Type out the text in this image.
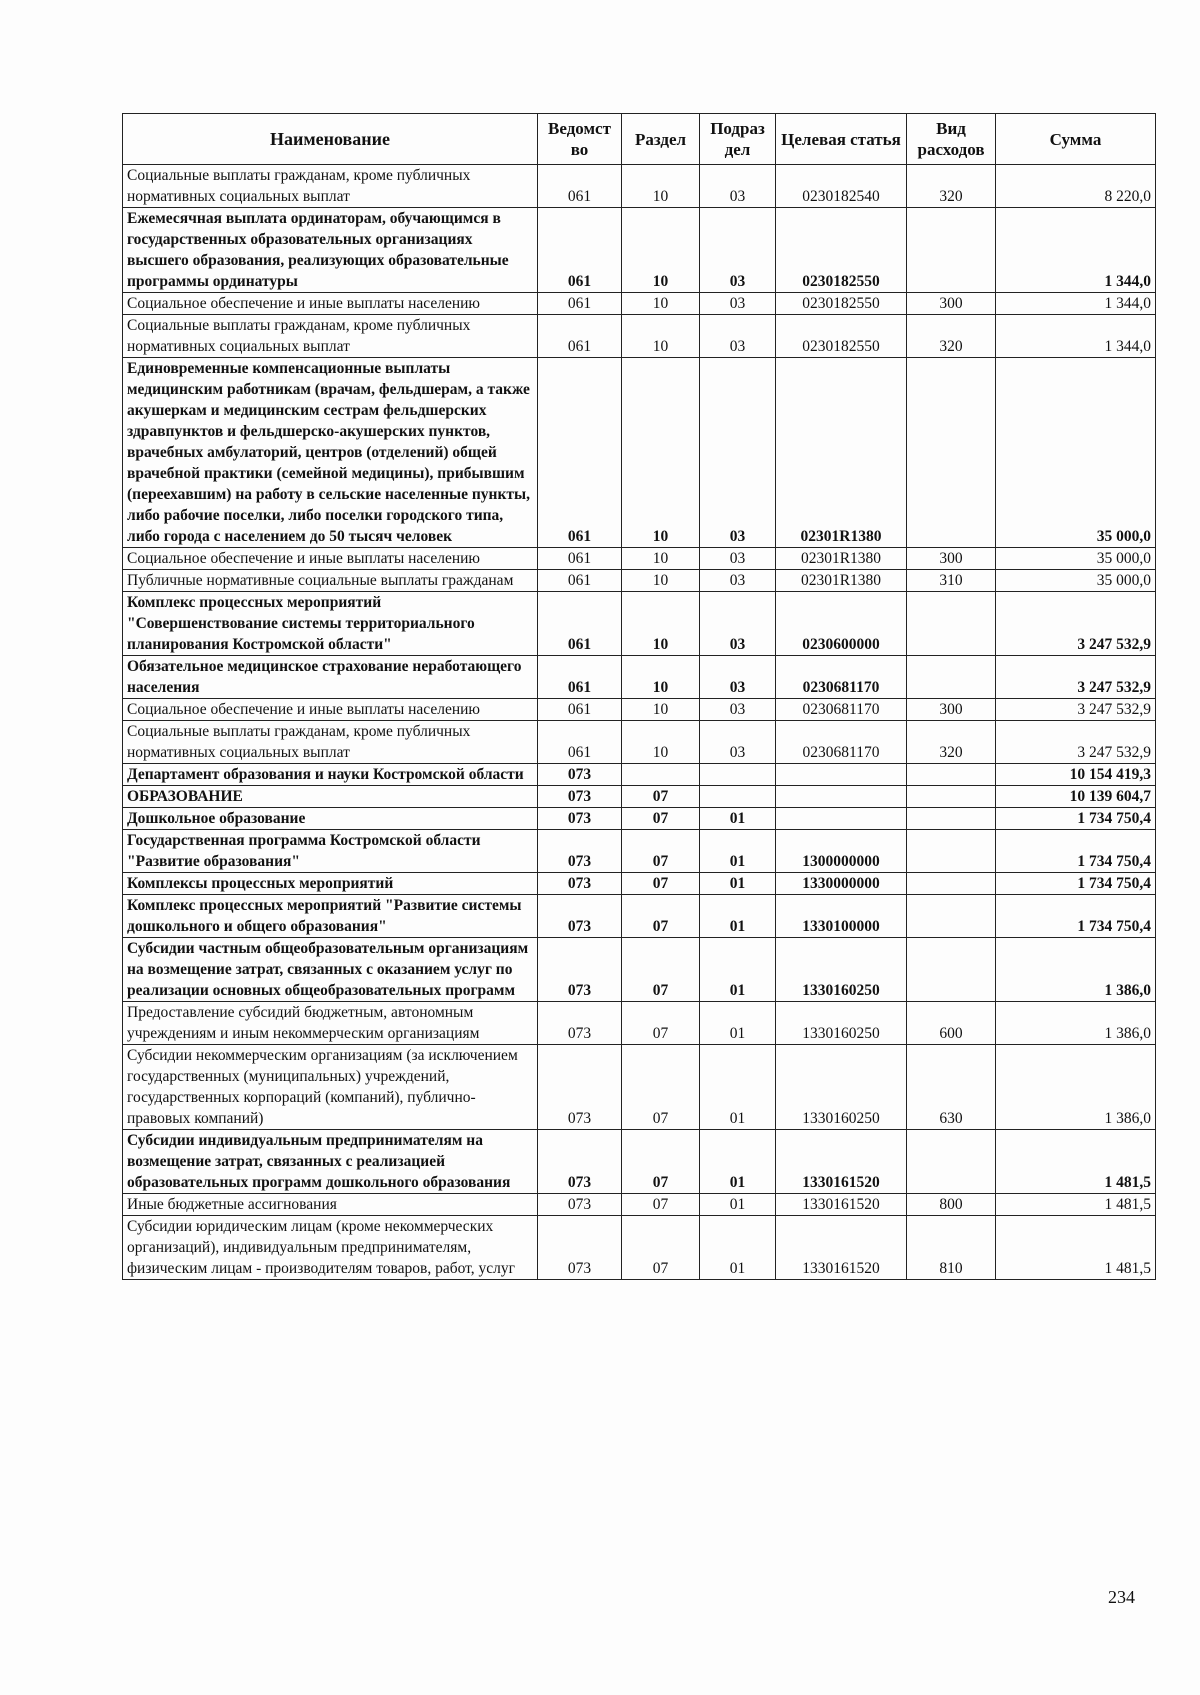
Наименование	Ведомст во	Раздел	Подраз дел	Целевая статья	Вид расходов	Сумма
Социальные выплаты гражданам, кроме публичных нормативных социальных выплат	061	10	03	0230182540	320	8 220,0
Ежемесячная выплата ординаторам, обучающимся в государственных образовательных организациях высшего образования, реализующих образовательные программы ординатуры	061	10	03	0230182550		1 344,0
Социальное обеспечение и иные выплаты населению	061	10	03	0230182550	300	1 344,0
Социальные выплаты гражданам, кроме публичных нормативных социальных выплат	061	10	03	0230182550	320	1 344,0
Единовременные компенсационные выплаты медицинским работникам (врачам, фельдшерам, а также акушеркам и медицинским сестрам фельдшерских здравпунктов и фельдшерско-акушерских пунктов, врачебных амбулаторий, центров (отделений) общей врачебной практики (семейной медицины), прибывшим (переехавшим) на работу в сельские населенные пункты, либо рабочие поселки, либо поселки городского типа, либо города с населением до 50 тысяч человек	061	10	03	02301R1380		35 000,0
Социальное обеспечение и иные выплаты населению	061	10	03	02301R1380	300	35 000,0
Публичные нормативные социальные выплаты гражданам	061	10	03	02301R1380	310	35 000,0
Комплекс процессных мероприятий "Совершенствование системы территориального планирования Костромской области"	061	10	03	0230600000		3 247 532,9
Обязательное медицинское страхование неработающего населения	061	10	03	0230681170		3 247 532,9
Социальное обеспечение и иные выплаты населению	061	10	03	0230681170	300	3 247 532,9
Социальные выплаты гражданам, кроме публичных нормативных социальных выплат	061	10	03	0230681170	320	3 247 532,9
Департамент образования и науки Костромской области	073					10 154 419,3
ОБРАЗОВАНИЕ	073	07				10 139 604,7
Дошкольное образование	073	07	01			1 734 750,4
Государственная программа Костромской области "Развитие образования"	073	07	01	1300000000		1 734 750,4
Комплексы процессных мероприятий	073	07	01	1330000000		1 734 750,4
Комплекс процессных мероприятий "Развитие системы дошкольного и общего образования"	073	07	01	1330100000		1 734 750,4
Субсидии частным общеобразовательным организациям на возмещение затрат, связанных с оказанием услуг по реализации основных общеобразовательных программ	073	07	01	1330160250		1 386,0
Предоставление субсидий бюджетным, автономным учреждениям и иным некоммерческим организациям	073	07	01	1330160250	600	1 386,0
Субсидии некоммерческим организациям (за исключением государственных (муниципальных) учреждений, государственных корпораций (компаний), публично-правовых компаний)	073	07	01	1330160250	630	1 386,0
Субсидии индивидуальным предпринимателям на возмещение затрат, связанных с реализацией образовательных программ дошкольного образования	073	07	01	1330161520		1 481,5
Иные бюджетные ассигнования	073	07	01	1330161520	800	1 481,5
Субсидии юридическим лицам (кроме некоммерческих организаций), индивидуальным предпринимателям, физическим лицам - производителям товаров, работ, услуг	073	07	01	1330161520	810	1 481,5
234
